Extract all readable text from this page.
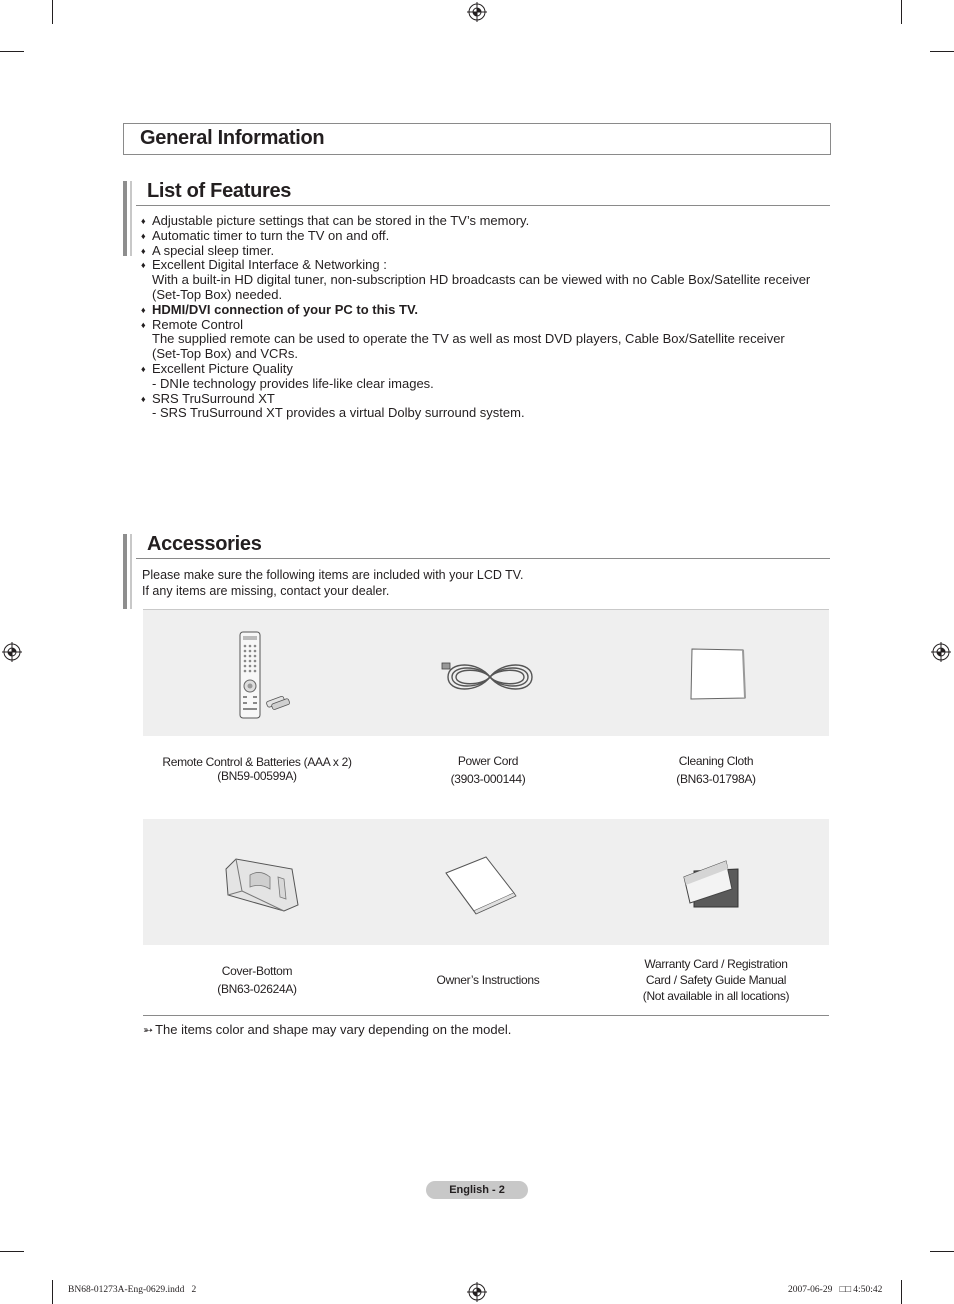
General Information
List of Features
♦ Adjustable picture settings that can be stored in the TV’s memory.
♦ Automatic timer to turn the TV on and off.
♦ A special sleep timer.
♦ Excellent Digital Interface & Networking :
With a built-in HD digital tuner, non-subscription HD broadcasts can be viewed with no Cable Box/Satellite receiver (Set-Top Box) needed.
♦ HDMI/DVI connection of your PC to this TV.
♦ Remote Control
The supplied remote can be used to operate the TV as well as most DVD players, Cable Box/Satellite receiver (Set-Top Box) and VCRs.
♦ Excellent Picture Quality
- DNIe technology provides life-like clear images.
♦ SRS TruSurround XT
- SRS TruSurround XT provides a virtual Dolby surround system.
Accessories
Please make sure the following items are included with your LCD TV.
If any items are missing, contact your dealer.
Remote Control & Batteries (AAA x 2)
(BN59-00599A)
Power Cord
(3903-000144)
Cleaning Cloth
(BN63-01798A)
Cover-Bottom
(BN63-02624A)
Owner’s Instructions
Warranty Card / Registration
Card / Safety Guide Manual
(Not available in all locations)
➳ The items color and shape may vary depending on the model.
English - 2
BN68-01273A-Eng-0629.indd   2	2007-06-29   □□ 4:50:42
